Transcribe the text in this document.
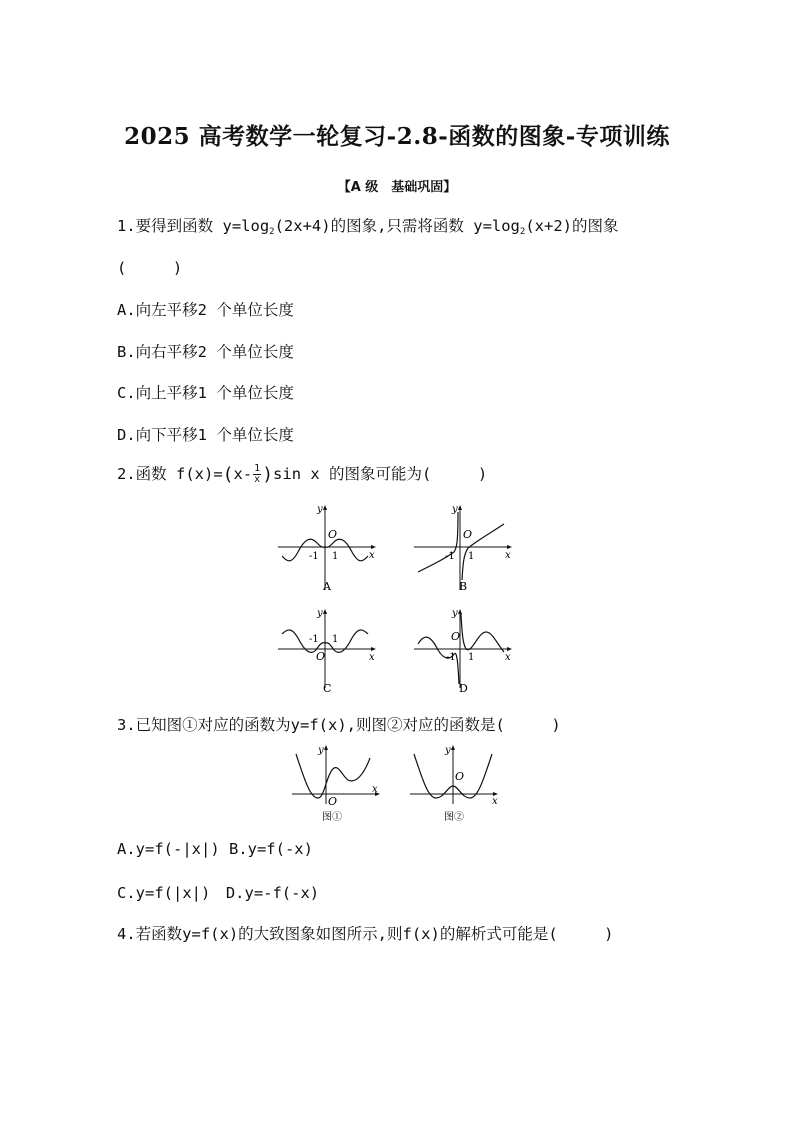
2025 高考数学一轮复习-2.8-函数的图象-专项训练
【A 级　基础巩固】
1.要得到函数 $y=\log_2(2x+4)$的图象,只需将函数 $y=\log_2(x+2)$的图象
(　　　)
A.向左平移2 个单位长度
B.向右平移2 个单位长度
C.向上平移1 个单位长度
D.向下平移1 个单位长度
2.函数 $f(x)=(x- \frac{1}{x} )\sin$ x 的图象可能为(　　　)
y
x
O
-1 1
A
y
x
O
-1 1
B
y
x
O
-1 1
C
y
x
O
-1 1
D
3.已知图①对应的函数为y=f(x),则图②对应的函数是(　　　)
y
x
O
图①
y
x
O
图②
A.y=f(-|x|) B.y=f(-x)
C.y=f(|x|)　D.y=-f(-x)
4.若函数y=f(x)的大致图象如图所示,则f(x)的解析式可能是(　　　)
